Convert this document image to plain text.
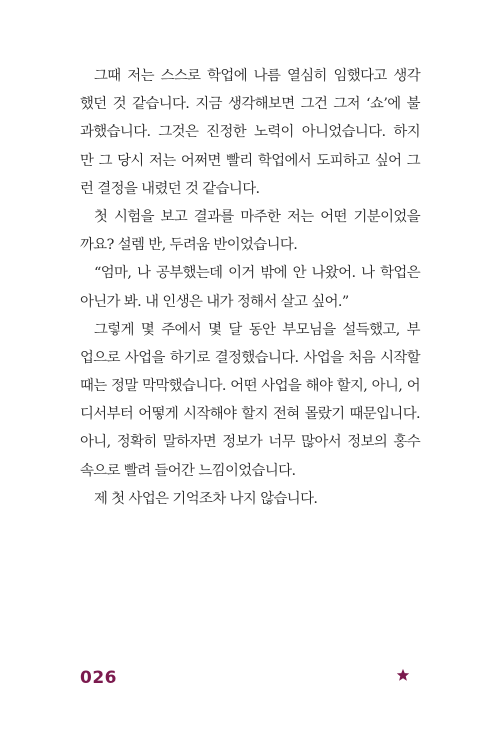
그때 저는 스스로 학업에 나름 열심히 임했다고 생각
했던 것 같습니다. 지금 생각해보면 그건 그저 ‘쇼’에 불
과했습니다. 그것은 진정한 노력이 아니었습니다. 하지
만 그 당시 저는 어쩌면 빨리 학업에서 도피하고 싶어 그
런 결정을 내렸던 것 같습니다.
첫 시험을 보고 결과를 마주한 저는 어떤 기분이었을
까요? 설렘 반, 두려움 반이었습니다.
“엄마, 나 공부했는데 이거 밖에 안 나왔어. 나 학업은
아닌가 봐. 내 인생은 내가 정해서 살고 싶어.”
그렇게 몇 주에서 몇 달 동안 부모님을 설득했고, 부
업으로 사업을 하기로 결정했습니다. 사업을 처음 시작할
때는 정말 막막했습니다. 어떤 사업을 해야 할지, 아니, 어
디서부터 어떻게 시작해야 할지 전혀 몰랐기 때문입니다.
아니, 정확히 말하자면 정보가 너무 많아서 정보의 홍수
속으로 빨려 들어간 느낌이었습니다.
제 첫 사업은 기억조차 나지 않습니다.
026
